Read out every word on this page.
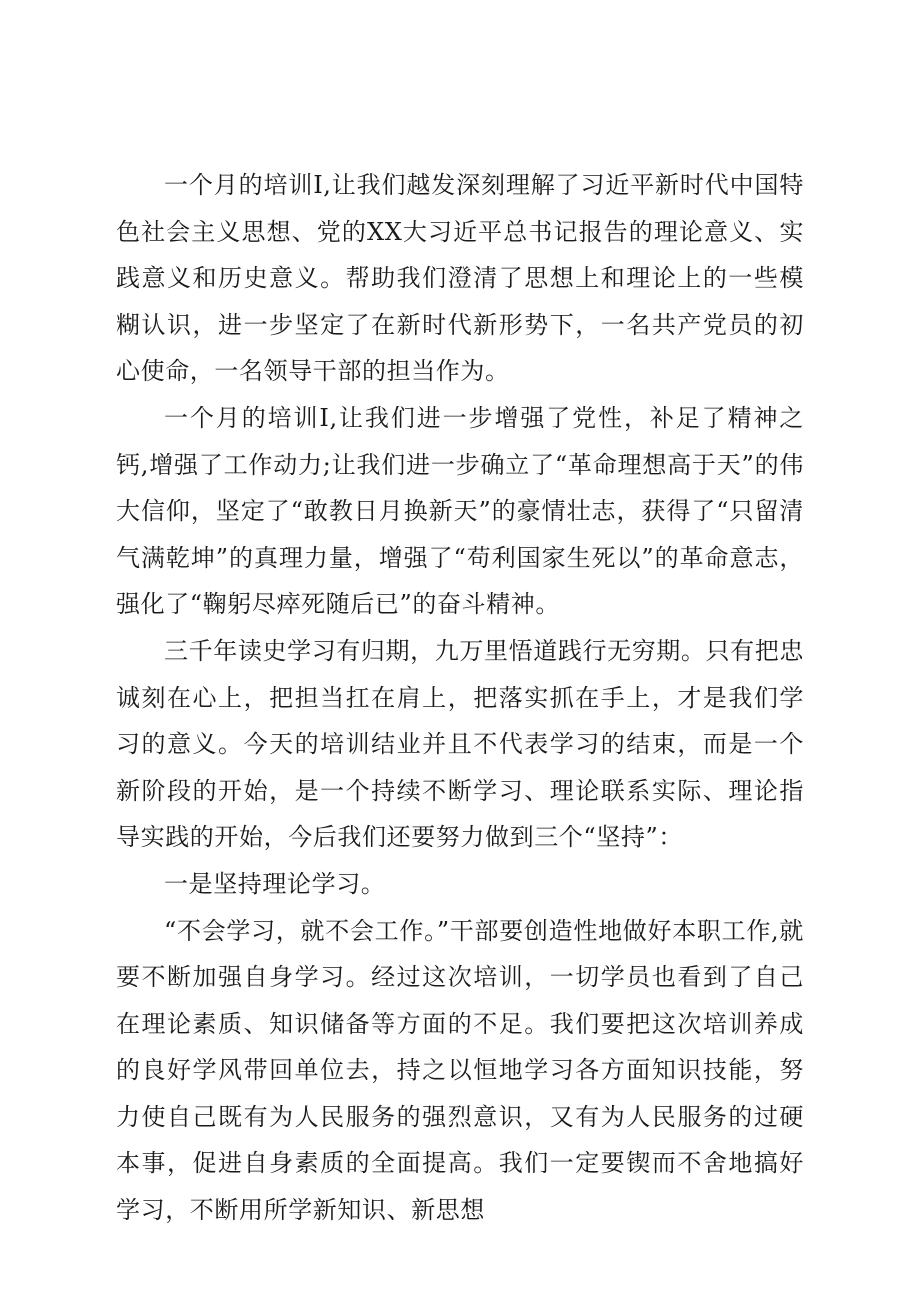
一个月的培训I,让我们越发深刻理解了习近平新时代中国特色社会主义思想、党的XX大习近平总书记报告的理论意义、实践意义和历史意义。帮助我们澄清了思想上和理论上的一些模糊认识，进一步坚定了在新时代新形势下，一名共产党员的初心使命，一名领导干部的担当作为。

一个月的培训I,让我们进一步增强了党性，补足了精神之钙,增强了工作动力;让我们进一步确立了“革命理想高于天”的伟大信仰，坚定了“敢教日月换新天”的豪情壮志，获得了“只留清气满乾坤”的真理力量，增强了“苟利国家生死以”的革命意志，强化了“鞠躬尽瘁死随后已”的奋斗精神。

三千年读史学习有归期，九万里悟道践行无穷期。只有把忠诚刻在心上，把担当扛在肩上，把落实抓在手上，才是我们学习的意义。今天的培训结业并且不代表学习的结束，而是一个新阶段的开始，是一个持续不断学习、理论联系实际、理论指导实践的开始，今后我们还要努力做到三个“坚持”：

一是坚持理论学习。

“不会学习，就不会工作。”干部要创造性地做好本职工作,就要不断加强自身学习。经过这次培训，一切学员也看到了自己在理论素质、知识储备等方面的不足。我们要把这次培训养成的良好学风带回单位去，持之以恒地学习各方面知识技能，努力使自己既有为人民服务的强烈意识，又有为人民服务的过硬本事，促进自身素质的全面提高。我们一定要锲而不舍地搞好学习，不断用所学新知识、新思想
